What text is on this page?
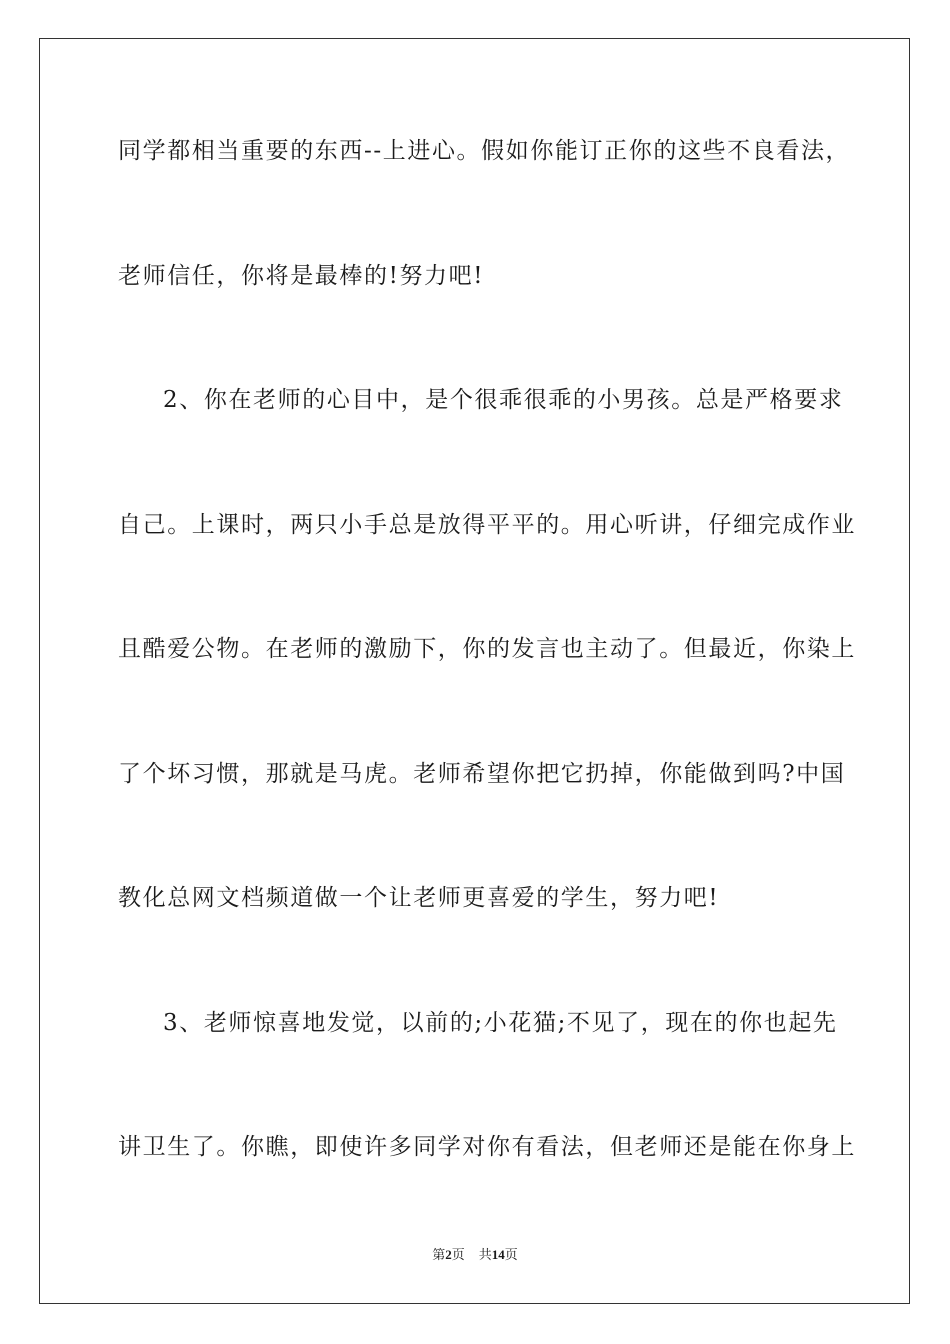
同学都相当重要的东西--上进心。假如你能订正你的这些不良看法，
老师信任，你将是最棒的!努力吧!
2、你在老师的心目中，是个很乖很乖的小男孩。总是严格要求
自己。上课时，两只小手总是放得平平的。用心听讲，仔细完成作业
且酷爱公物。在老师的激励下，你的发言也主动了。但最近，你染上
了个坏习惯，那就是马虎。老师希望你把它扔掉，你能做到吗?中国
教化总网文档频道做一个让老师更喜爱的学生，努力吧!
3、老师惊喜地发觉，以前的;小花猫;不见了，现在的你也起先
讲卫生了。你瞧，即使许多同学对你有看法，但老师还是能在你身上
第2页 共14页
